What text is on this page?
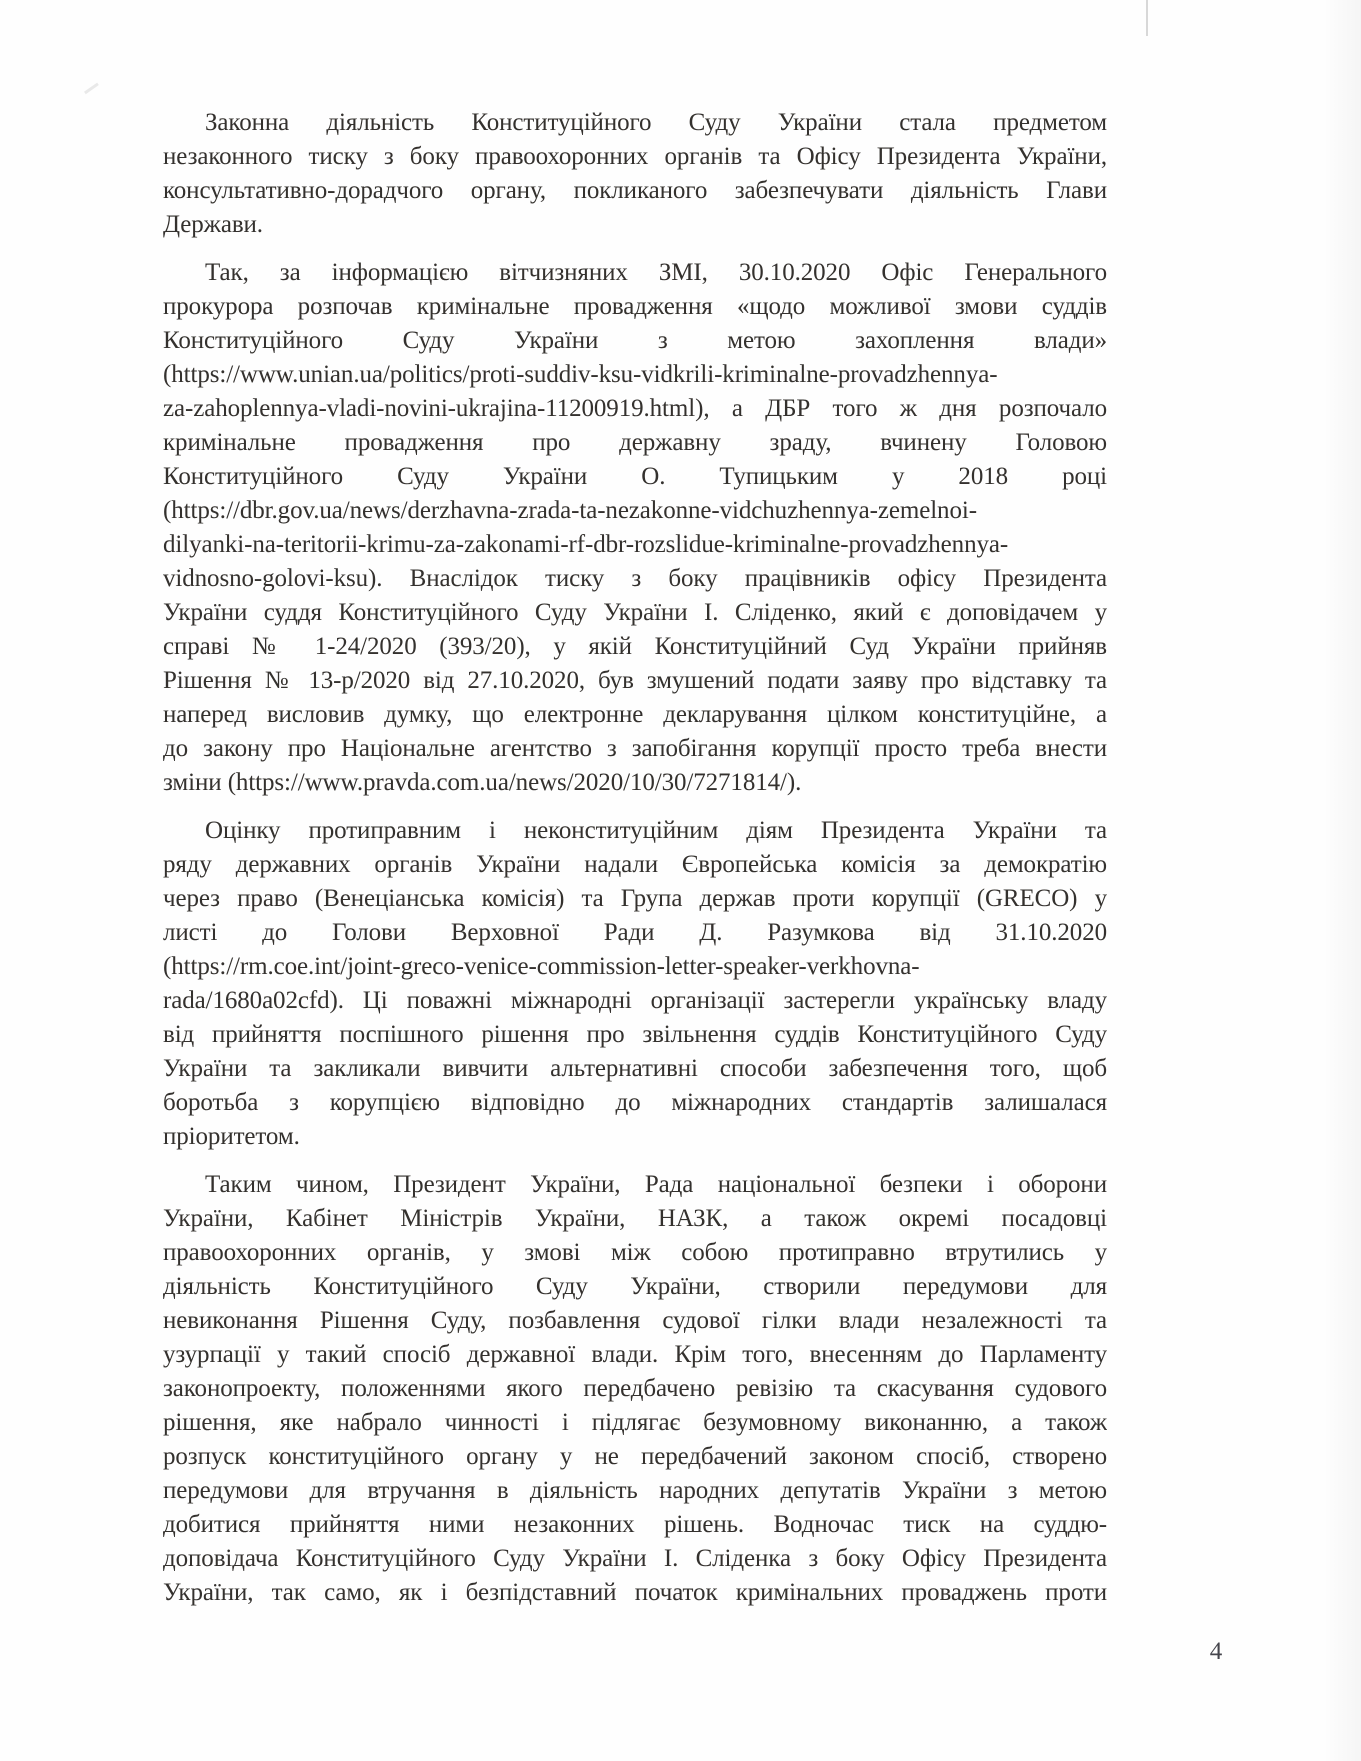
Законна діяльність Конституційного Суду України стала предметом
незаконного тиску з боку правоохоронних органів та Офісу Президента України,
консультативно-дорадчого органу, покликаного забезпечувати діяльність Глави
Держави.
Так, за інформацією вітчизняних ЗМІ, 30.10.2020 Офіс Генерального
прокурора розпочав кримінальне провадження «щодо можливої змови суддів
Конституційного Суду України з метою захоплення влади»
(https://www.unian.ua/politics/proti-suddiv-ksu-vidkrili-kriminalne-provadzhennya-
za-zahoplennya-vladi-novini-ukrajina-11200919.html), а ДБР того ж дня розпочало
кримінальне провадження про державну зраду, вчинену Головою
Конституційного Суду України О. Тупицьким у 2018 році
(https://dbr.gov.ua/news/derzhavna-zrada-ta-nezakonne-vidchuzhennya-zemelnoi-
dilyanki-na-teritorii-krimu-za-zakonami-rf-dbr-rozslidue-kriminalne-provadzhennya-
vidnosno-golovi-ksu). Внаслідок тиску з боку працівників офісу Президента
України суддя Конституційного Суду України І. Сліденко, який є доповідачем у
справі № 1-24/2020 (393/20), у якій Конституційний Суд України прийняв
Рішення № 13-р/2020 від 27.10.2020, був змушений подати заяву про відставку та
наперед висловив думку, що електронне декларування цілком конституційне, а
до закону про Національне агентство з запобігання корупції просто треба внести
зміни (https://www.pravda.com.ua/news/2020/10/30/7271814/).
Оцінку протиправним і неконституційним діям Президента України та
ряду державних органів України надали Європейська комісія за демократію
через право (Венеціанська комісія) та Група держав проти корупції (GRECO) у
листі до Голови Верховної Ради Д. Разумкова від 31.10.2020
(https://rm.coe.int/joint-greco-venice-commission-letter-speaker-verkhovna-
rada/1680a02cfd). Ці поважні міжнародні організації застерегли українську владу
від прийняття поспішного рішення про звільнення суддів Конституційного Суду
України та закликали вивчити альтернативні способи забезпечення того, щоб
боротьба з корупцією відповідно до міжнародних стандартів залишалася
пріоритетом.
Таким чином, Президент України, Рада національної безпеки і оборони
України, Кабінет Міністрів України, НАЗК, а також окремі посадовці
правоохоронних органів, у змові між собою протиправно втрутились у
діяльність Конституційного Суду України, створили передумови для
невиконання Рішення Суду, позбавлення судової гілки влади незалежності та
узурпації у такий спосіб державної влади. Крім того, внесенням до Парламенту
законопроекту, положеннями якого передбачено ревізію та скасування судового
рішення, яке набрало чинності і підлягає безумовному виконанню, а також
розпуск конституційного органу у не передбачений законом спосіб, створено
передумови для втручання в діяльність народних депутатів України з метою
добитися прийняття ними незаконних рішень. Водночас тиск на суддю-
доповідача Конституційного Суду України І. Сліденка з боку Офісу Президента
України, так само, як і безпідставний початок кримінальних проваджень проти
4
